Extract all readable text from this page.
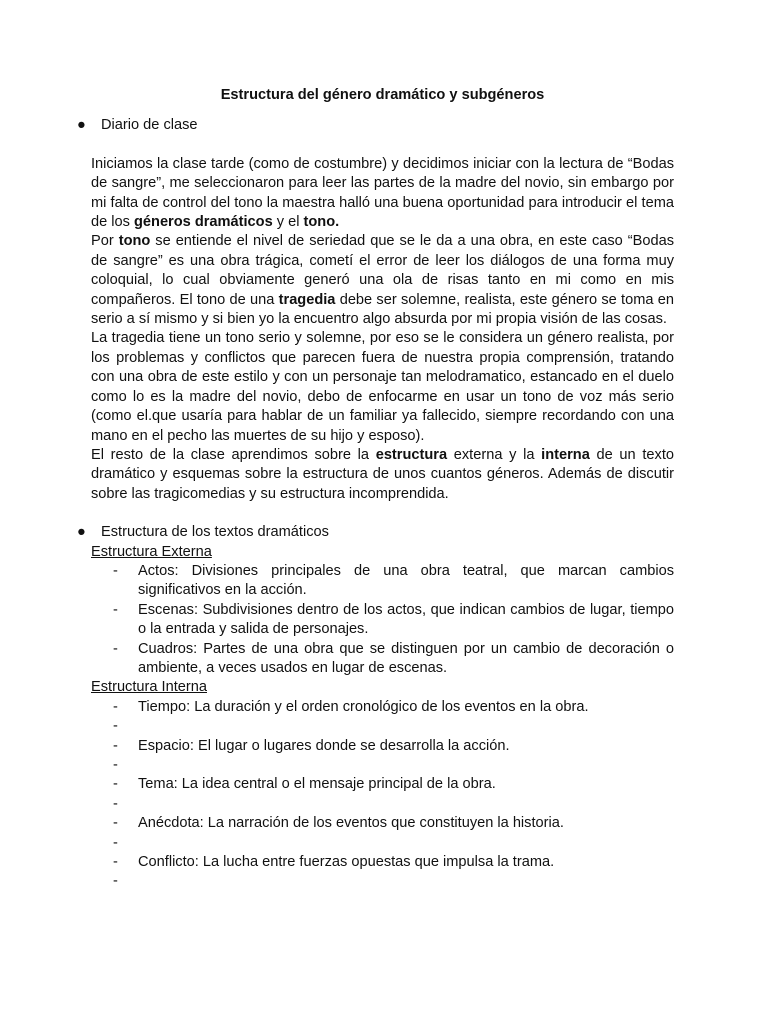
Estructura del género dramático y subgéneros
● Diario de clase

Iniciamos la clase tarde (como de costumbre) y decidimos iniciar con la lectura de “Bodas de sangre”, me seleccionaron para leer las partes de la madre del novio, sin embargo por mi falta de control del tono la maestra halló una buena oportunidad para introducir el tema de los géneros dramáticos y el tono.

Por tono se entiende el nivel de seriedad que se le da a una obra, en este caso “Bodas de sangre” es una obra trágica, cometí el error de leer los diálogos de una forma muy coloquial, lo cual obviamente generó una ola de risas tanto en mi como en mis compañeros. El tono de una tragedia debe ser solemne, realista, este género se toma en serio a sí mismo y si bien yo la encuentro algo absurda por mi propia visión de las cosas.

La tragedia tiene un tono serio y solemne, por eso se le considera un género realista, por los problemas y conflictos que parecen fuera de nuestra propia comprensión, tratando con una obra de este estilo y con un personaje tan melodramatico, estancado en el duelo como lo es la madre del novio, debo de enfocarme en usar un tono de voz más serio (como el.que usaría para hablar de un familiar ya fallecido, siempre recordando con una mano en el pecho las muertes de su hijo y esposo).

El resto de la clase aprendimos sobre la estructura externa y la interna de un texto dramático y esquemas sobre la estructura de unos cuantos géneros. Además de discutir sobre las tragicomedias y su estructura incomprendida.

● Estructura de los textos dramáticos
Estructura Externa
- Actos: Divisiones principales de una obra teatral, que marcan cambios significativos en la acción.
- Escenas: Subdivisiones dentro de los actos, que indican cambios de lugar, tiempo o la entrada y salida de personajes.
- Cuadros: Partes de una obra que se distinguen por un cambio de decoración o ambiente, a veces usados en lugar de escenas.
Estructura Interna
- Tiempo: La duración y el orden cronológico de los eventos en la obra.
-
- Espacio: El lugar o lugares donde se desarrolla la acción.
-
- Tema: La idea central o el mensaje principal de la obra.
-
- Anécdota: La narración de los eventos que constituyen la historia.
-
- Conflicto: La lucha entre fuerzas opuestas que impulsa la trama.
-
